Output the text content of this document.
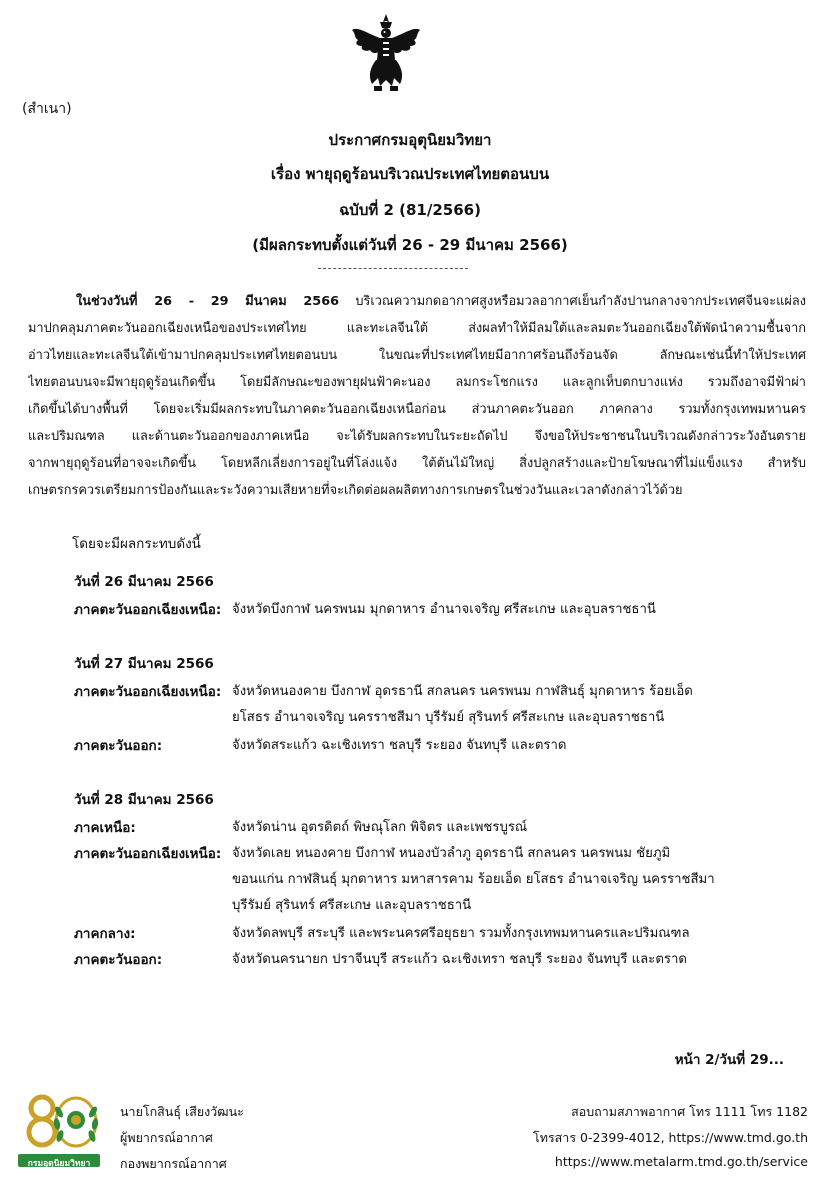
(สำเนา)
ประกาศกรมอุตุนิยมวิทยา
เรื่อง พายุฤดูร้อนบริเวณประเทศไทยตอนบน
ฉบับที่ 2 (81/2566)
(มีผลกระทบตั้งแต่วันที่ 26 - 29 มีนาคม 2566)
ในช่วงวันที่ 26 - 29 มีนาคม 2566 บริเวณความกดอากาศสูงหรือมวลอากาศเย็นกำลังปานกลางจากประเทศจีนจะแผ่ลง
มาปกคลุมภาคตะวันออกเฉียงเหนือของประเทศไทย และทะเลจีนใต้ ส่งผลทำให้มีลมใต้และลมตะวันออกเฉียงใต้พัดนำความชื้นจาก
อ่าวไทยและทะเลจีนใต้เข้ามาปกคลุมประเทศไทยตอนบน ในขณะที่ประเทศไทยมีอากาศร้อนถึงร้อนจัด ลักษณะเช่นนี้ทำให้ประเทศ
ไทยตอนบนจะมีพายุฤดูร้อนเกิดขึ้น โดยมีลักษณะของพายุฝนฟ้าคะนอง ลมกระโชกแรง และลูกเห็บตกบางแห่ง รวมถึงอาจมีฟ้าผ่า
เกิดขึ้นได้บางพื้นที่ โดยจะเริ่มมีผลกระทบในภาคตะวันออกเฉียงเหนือก่อน ส่วนภาคตะวันออก ภาคกลาง รวมทั้งกรุงเทพมหานคร
และปริมณฑล และด้านตะวันออกของภาคเหนือ จะได้รับผลกระทบในระยะถัดไป จึงขอให้ประชาชนในบริเวณดังกล่าวระวังอันตราย
จากพายุฤดูร้อนที่อาจจะเกิดขึ้น โดยหลีกเลี่ยงการอยู่ในที่โล่งแจ้ง ใต้ต้นไม้ใหญ่ สิ่งปลูกสร้างและป้ายโฆษณาที่ไม่แข็งแรง สำหรับ
เกษตรกรควรเตรียมการป้องกันและระวังความเสียหายที่จะเกิดต่อผลผลิตทางการเกษตรในช่วงวันและเวลาดังกล่าวไว้ด้วย
โดยจะมีผลกระทบดังนี้
วันที่ 26 มีนาคม 2566
ภาคตะวันออกเฉียงเหนือ: จังหวัดบึงกาฬ นครพนม มุกดาหาร อำนาจเจริญ ศรีสะเกษ และอุบลราชธานี
วันที่ 27 มีนาคม 2566
ภาคตะวันออกเฉียงเหนือ: จังหวัดหนองคาย บึงกาฬ อุดรธานี สกลนคร นครพนม กาฬสินธุ์ มุกดาหาร ร้อยเอ็ด
ยโสธร อำนาจเจริญ นครราชสีมา บุรีรัมย์ สุรินทร์ ศรีสะเกษ และอุบลราชธานี
ภาคตะวันออก:	จังหวัดสระแก้ว ฉะเชิงเทรา ชลบุรี ระยอง จันทบุรี และตราด
วันที่ 28 มีนาคม 2566
ภาคเหนือ:	จังหวัดน่าน อุตรดิตถ์ พิษณุโลก พิจิตร และเพชรบูรณ์
ภาคตะวันออกเฉียงเหนือ: จังหวัดเลย หนองคาย บึงกาฬ หนองบัวลำภู อุดรธานี สกลนคร นครพนม ชัยภูมิ
ขอนแก่น กาฬสินธุ์ มุกดาหาร มหาสารคาม ร้อยเอ็ด ยโสธร อำนาจเจริญ นครราชสีมา
บุรีรัมย์ สุรินทร์ ศรีสะเกษ และอุบลราชธานี
ภาคกลาง:	จังหวัดลพบุรี สระบุรี และพระนครศรีอยุธยา รวมทั้งกรุงเทพมหานครและปริมณฑล
ภาคตะวันออก:	จังหวัดนครนายก ปราจีนบุรี สระแก้ว ฉะเชิงเทรา ชลบุรี ระยอง จันทบุรี และตราด
หน้า 2/วันที่ 29...
กรมอุตุนิยมวิทยา
นายโกสินธุ์ เสียงวัฒนะ
ผู้พยากรณ์อากาศ
กองพยากรณ์อากาศ
สอบถามสภาพอากาศ โทร 1111 โทร 1182
โทรสาร 0-2399-4012, https://www.tmd.go.th
https://www.metalarm.tmd.go.th/service
